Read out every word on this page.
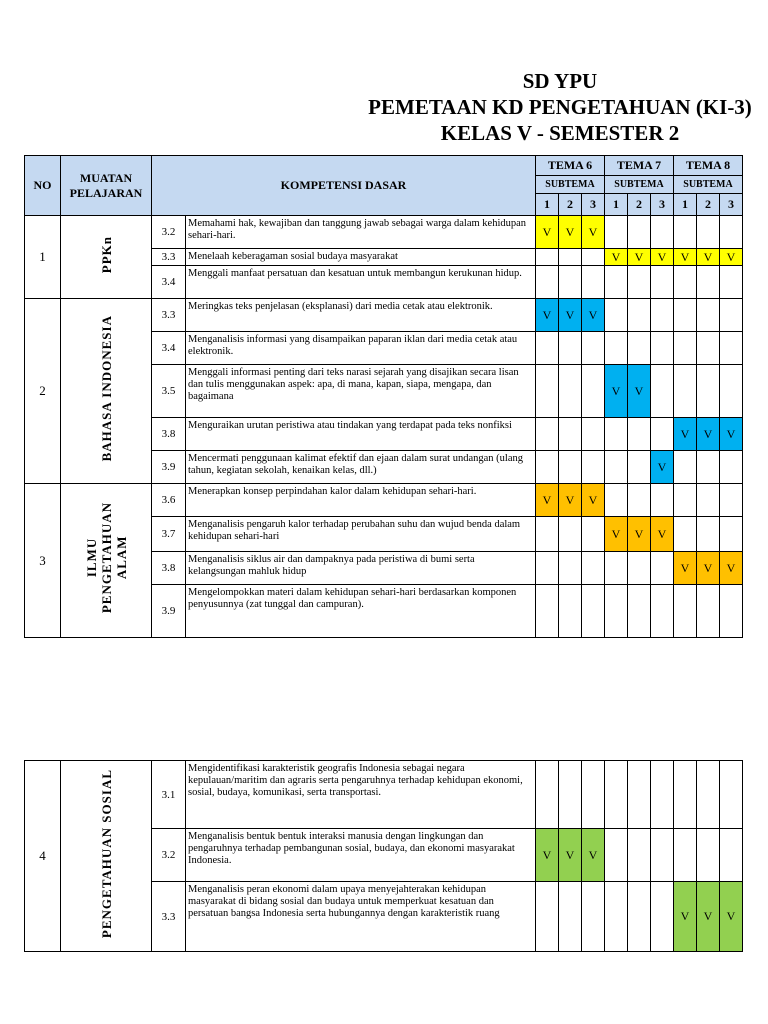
SD YPU
PEMETAAN KD PENGETAHUAN (KI-3)
KELAS V - SEMESTER 2
NO	MUATAN PELAJARAN	KOMPETENSI DASAR		TEMA 6			TEMA 7			TEMA 8		
				SUBTEMA			SUBTEMA			SUBTEMA		
				1	2	3	1	2	3	1	2	3
1	PPKn	3.2	Memahami hak, kewajiban dan tanggung jawab sebagai warga dalam kehidupan sehari-hari.	V	V	V						
		3.3	Menelaah keberagaman sosial budaya masyarakat				V	V	V	V	V	V
		3.4	Menggali manfaat persatuan dan kesatuan untuk membangun kerukunan hidup.									
2	BAHASA INDONESIA	3.3	Meringkas teks penjelasan (eksplanasi) dari media cetak atau elektronik.	V	V	V						
		3.4	Menganalisis informasi yang disampaikan paparan iklan dari media cetak atau elektronik.									
		3.5	Menggali informasi penting dari teks narasi sejarah yang disajikan secara lisan dan tulis menggunakan aspek: apa, di mana, kapan, siapa, mengapa, dan bagaimana				V	V				
		3.8	Menguraikan urutan peristiwa atau tindakan yang terdapat pada teks nonfiksi							V	V	V
		3.9	Mencermati penggunaan kalimat efektif dan ejaan dalam surat undangan (ulang tahun, kegiatan sekolah, kenaikan kelas, dll.)						V			
3	ILMU
PENGETAHUAN
ALAM	3.6	Menerapkan konsep perpindahan kalor dalam kehidupan sehari-hari.	V	V	V						
		3.7	Menganalisis pengaruh kalor terhadap perubahan suhu dan wujud benda dalam kehidupan sehari-hari				V	V	V			
		3.8	Menganalisis siklus air dan dampaknya pada peristiwa di bumi serta kelangsungan mahluk hidup							V	V	V
		3.9	Mengelompokkan materi dalam kehidupan sehari-hari berdasarkan komponen penyusunnya (zat tunggal dan campuran).									
4	PENGETAHUAN SOSIAL	3.1	Mengidentifikasi karakteristik geografis Indonesia sebagai negara kepulauan/maritim dan agraris serta pengaruhnya terhadap kehidupan ekonomi, sosial, budaya, komunikasi, serta transportasi.									
		3.2	Menganalisis bentuk bentuk interaksi manusia dengan lingkungan dan pengaruhnya terhadap pembangunan sosial, budaya, dan ekonomi masyarakat Indonesia.	V	V	V						
		3.3	Menganalisis peran ekonomi dalam upaya menyejahterakan kehidupan masyarakat di bidang sosial dan budaya untuk memperkuat kesatuan dan persatuan bangsa Indonesia serta hubungannya dengan karakteristik ruang							V	V	V
